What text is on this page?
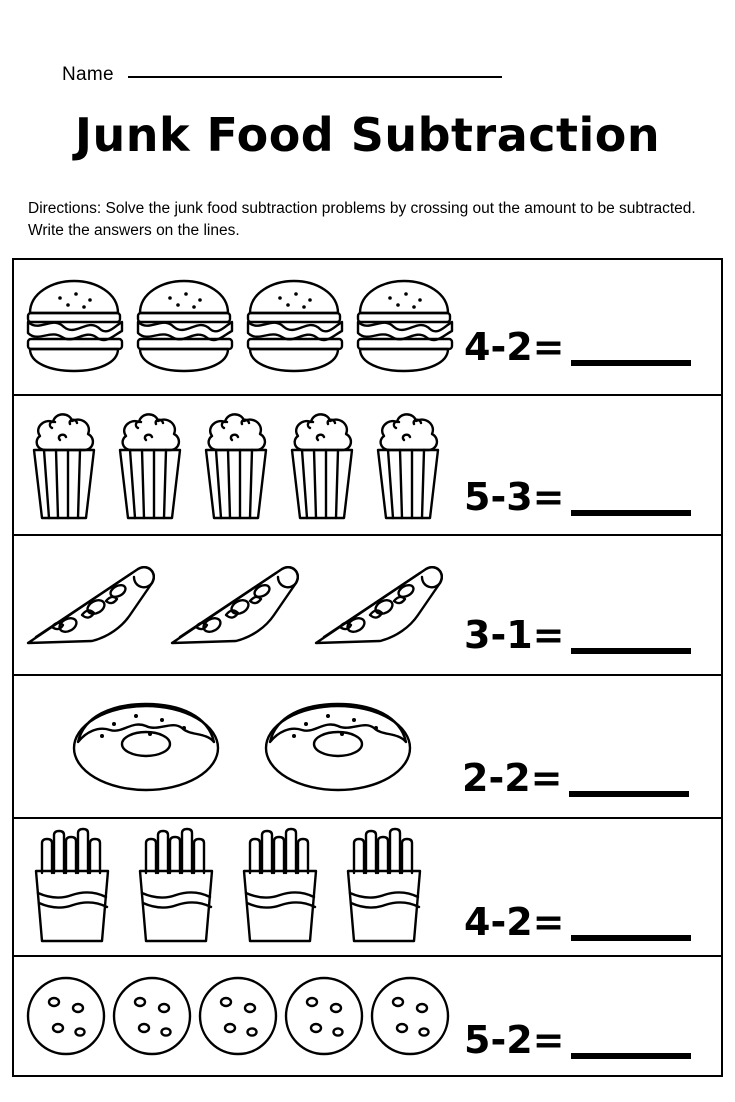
Name
Junk Food Subtraction
Directions: Solve the junk food subtraction problems by crossing out the amount to be subtracted. Write the answers on the lines.
4-2=
5-3=
3-1=
2-2=
4-2=
5-2=
